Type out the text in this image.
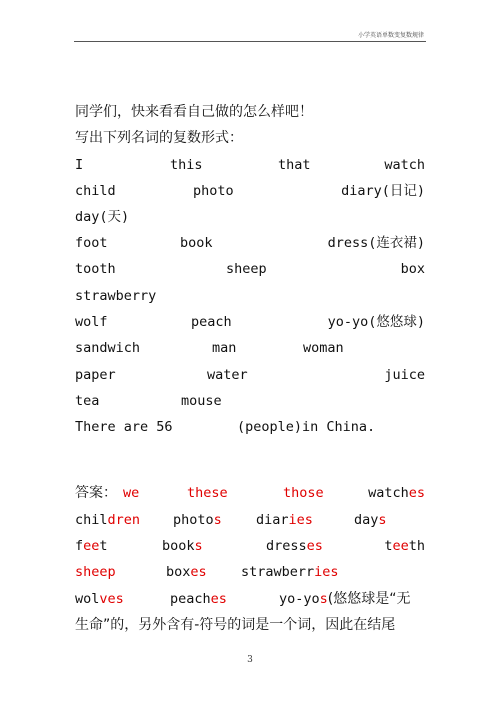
小学英语单数变复数规律
同学们，快来看看自己做的怎么样吧！
写出下列名词的复数形式：
I	this	that	watch
child	photo	diary(日记)
day(天)
foot	book	dress(连衣裙)
tooth	sheep	box
strawberry
wolf	peach	yo-yo(悠悠球)
sandwich	man	woman
paper	water	juice
tea	mouse
There are 56	(people)in China.
答案： we	these	those	watches
children photos	diaries	days
feet	books	dresses	teeth
sheep	boxes	strawberries
wolves	peaches	yo-yos(悠悠球是“无
生命”的，另外含有-符号的词是一个词，因此在结尾
3
